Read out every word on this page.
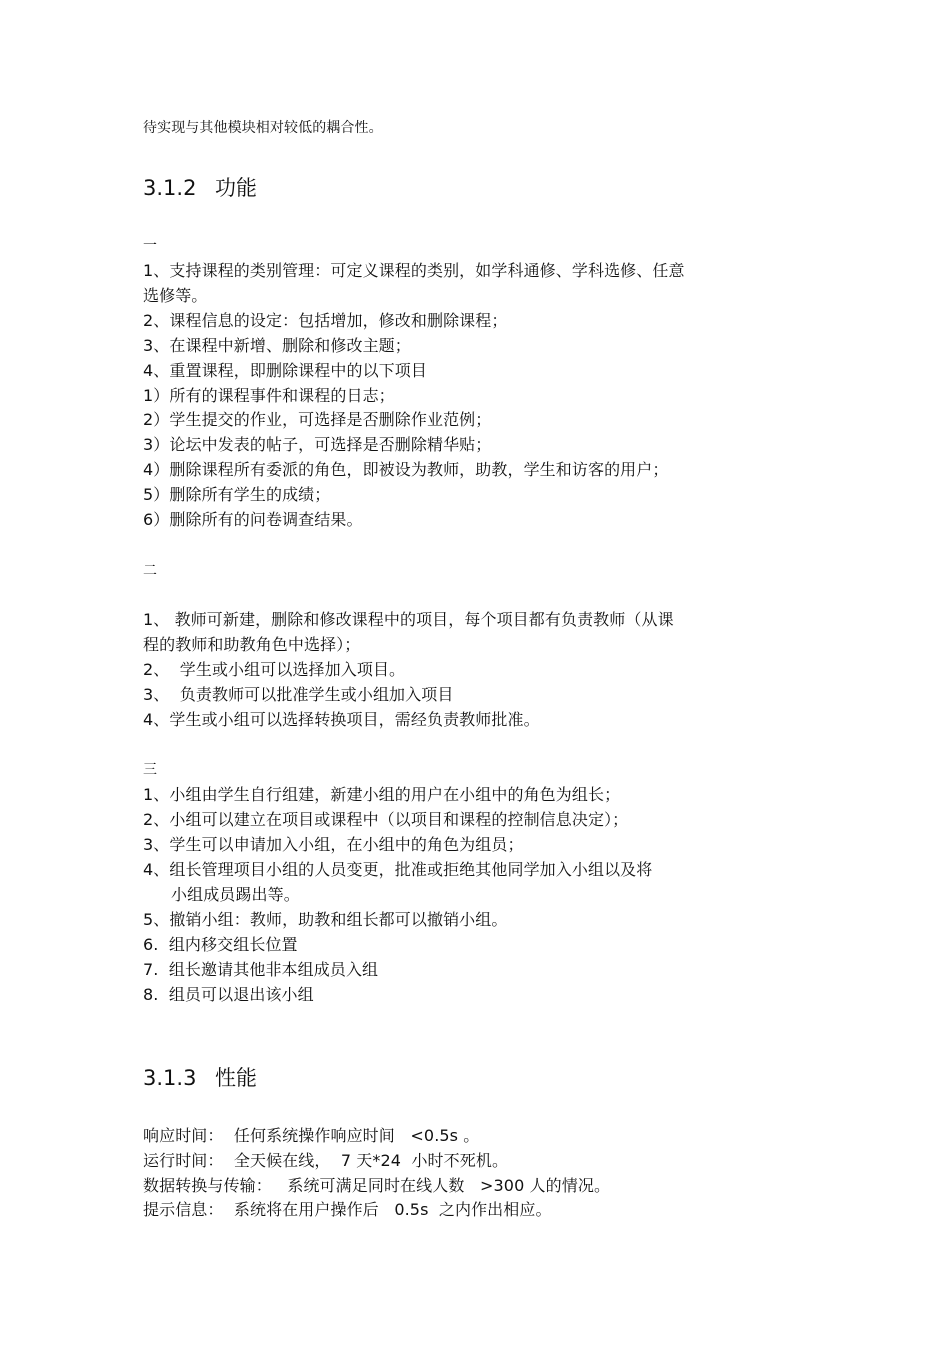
待实现与其他模块相对较低的耦合性。
3.1.2 功能
一
1、支持课程的类别管理：可定义课程的类别，如学科通修、学科选修、任意
选修等。
2、课程信息的设定：包括增加，修改和删除课程；
3、在课程中新增、删除和修改主题；
4、重置课程，即删除课程中的以下项目
1）所有的课程事件和课程的日志；
2）学生提交的作业，可选择是否删除作业范例；
3）论坛中发表的帖子，可选择是否删除精华贴；
4）删除课程所有委派的角色，即被设为教师，助教，学生和访客的用户；
5）删除所有学生的成绩；
6）删除所有的问卷调查结果。
二
1、 教师可新建，删除和修改课程中的项目，每个项目都有负责教师（从课
程的教师和助教角色中选择）；
2、  学生或小组可以选择加入项目。
3、  负责教师可以批准学生或小组加入项目
4、学生或小组可以选择转换项目，需经负责教师批准。
三
1、小组由学生自行组建，新建小组的用户在小组中的角色为组长；
2、小组可以建立在项目或课程中（以项目和课程的控制信息决定）；
3、学生可以申请加入小组，在小组中的角色为组员；
4、组长管理项目小组的人员变更，批准或拒绝其他同学加入小组以及将
小组成员踢出等。
5、撤销小组：教师，助教和组长都可以撤销小组。
6.  组内移交组长位置
7.  组长邀请其他非本组成员入组
8.  组员可以退出该小组
3.1.3 性能
响应时间：  任何系统操作响应时间   <0.5s 。
运行时间：  全天候在线，  7 天*24  小时不死机。
数据转换与传输：   系统可满足同时在线人数   >300 人的情况。
提示信息：  系统将在用户操作后   0.5s  之内作出相应。
